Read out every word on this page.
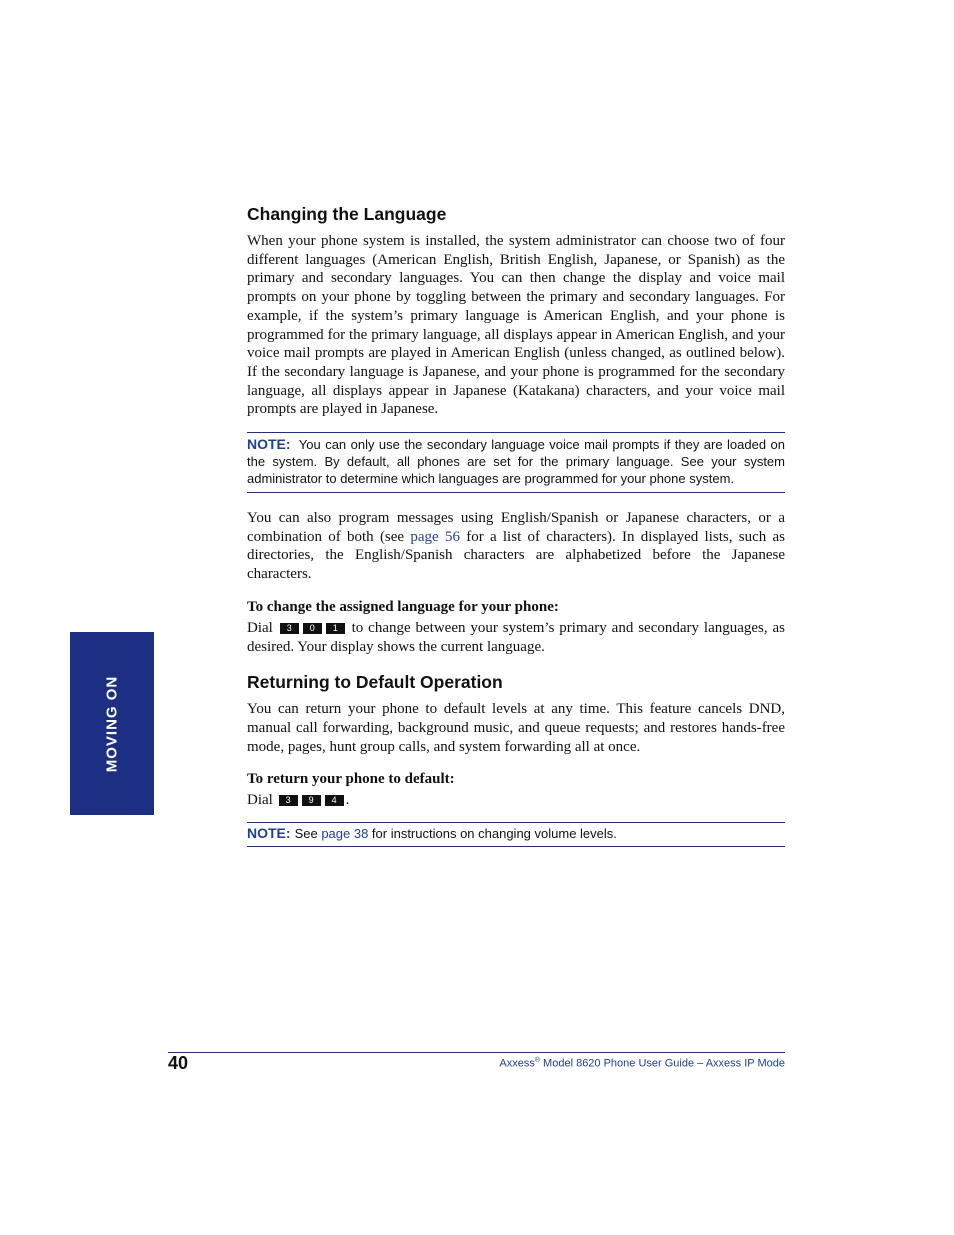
MOVING ON
Changing the Language

When your phone system is installed, the system administrator can choose two of four different languages (American English, British English, Japanese, or Spanish) as the primary and secondary languages. You can then change the display and voice mail prompts on your phone by toggling between the primary and secondary languages. For example, if the system’s primary language is American English, and your phone is programmed for the primary language, all displays appear in American English, and your voice mail prompts are played in American English (unless changed, as outlined below). If the secondary language is Japanese, and your phone is programmed for the secondary language, all displays appear in Japanese (Katakana) characters, and your voice mail prompts are played in Japanese.

NOTE: You can only use the secondary language voice mail prompts if they are loaded on the system. By default, all phones are set for the primary language. See your system administrator to determine which languages are programmed for your phone system.

You can also program messages using English/Spanish or Japanese characters, or a combination of both (see page 56 for a list of characters). In displayed lists, such as directories, the English/Spanish characters are alphabetized before the Japanese characters.

To change the assigned language for your phone:

Dial 3 0 1 to change between your system’s primary and secondary languages, as desired. Your display shows the current language.

Returning to Default Operation

You can return your phone to default levels at any time. This feature cancels DND, manual call forwarding, background music, and queue requests; and restores hands-free mode, pages, hunt group calls, and system forwarding all at once.

To return your phone to default:

Dial 3 9 4 .

NOTE: See page 38 for instructions on changing volume levels.
40	Axxess® Model 8620 Phone User Guide – Axxess IP Mode
